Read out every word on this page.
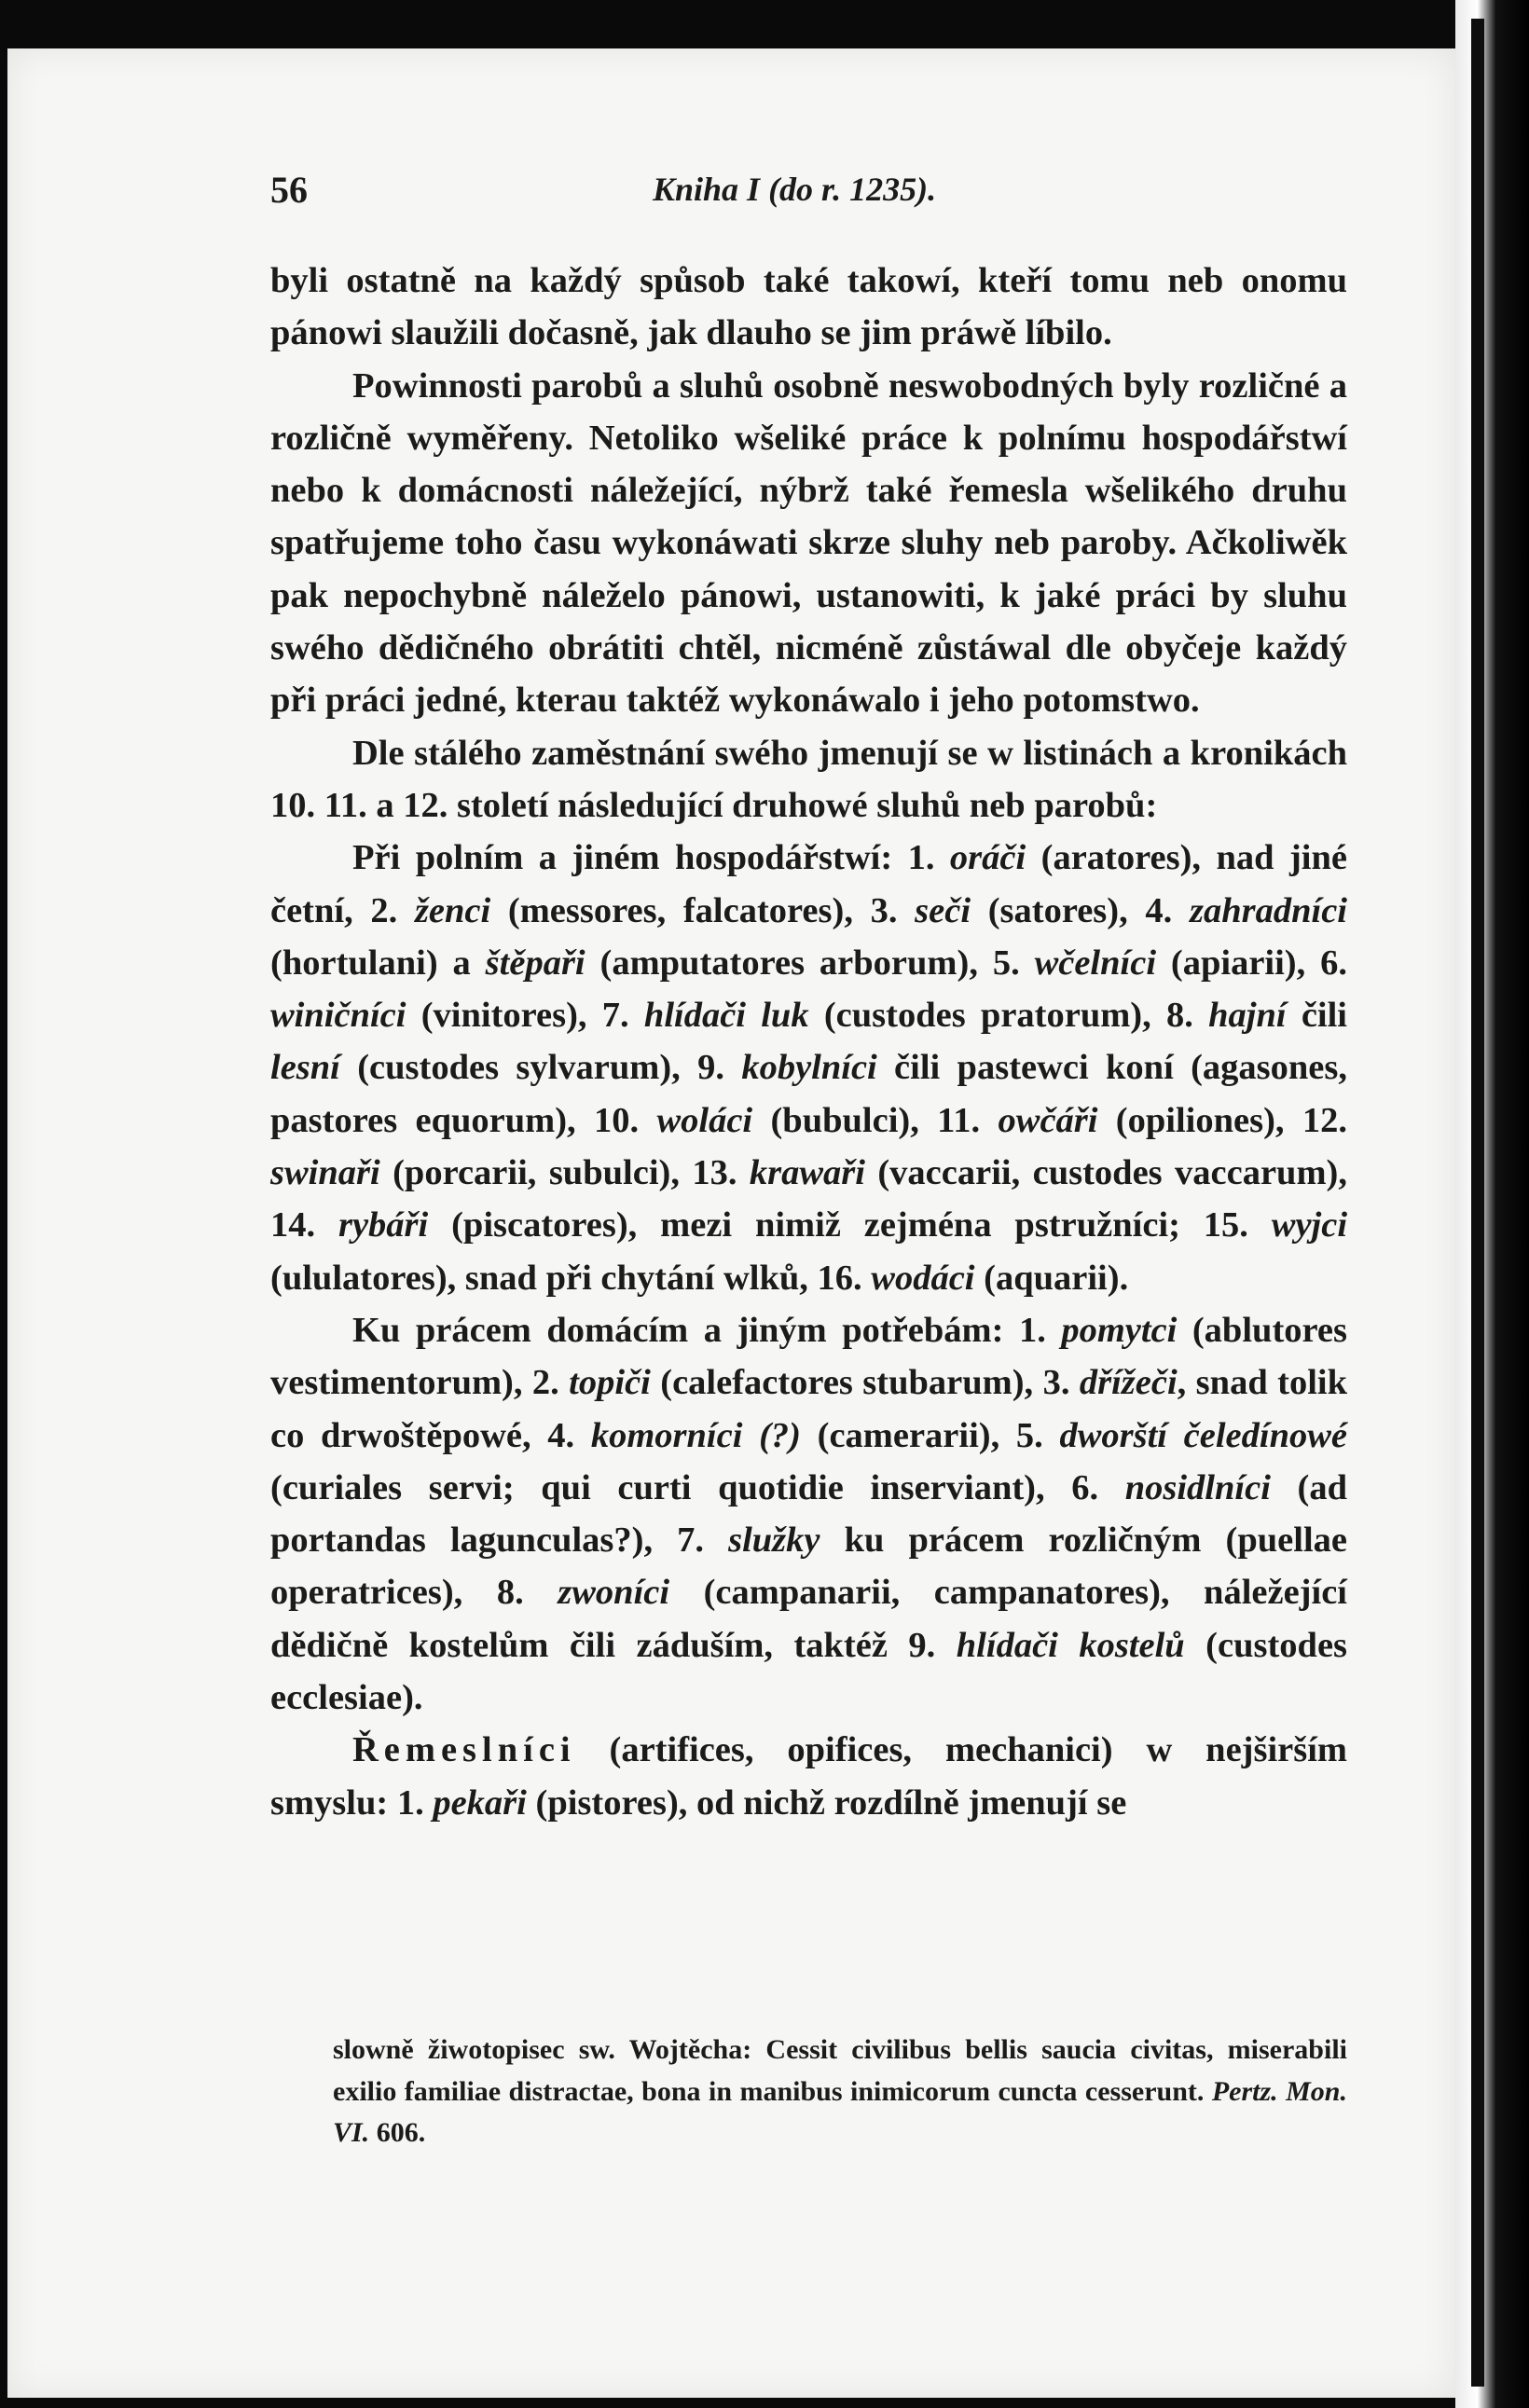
56	Kniha I (do r. 1235).

byli ostatně na každý spůsob také takowí, kteří tomu neb onomu pánowi slaužili dočasně, jak dlauho se jim práwě líbilo.

Powinnosti parobů a sluhů osobně neswobodných byly rozličné a rozličně wyměřeny. Netoliko wšeliké práce k polnímu hospodářstwí nebo k domácnosti náležející, nýbrž také řemesla wšelikého druhu spatřujeme toho času wykonáwati skrze sluhy neb paroby. Ačkoliwěk pak nepochybně náleželo pánowi, ustanowiti, k jaké práci by sluhu swého dědičného obrátiti chtěl, nicméně zůstáwal dle obyčeje každý při práci jedné, kterau taktéž wykonáwalo i jeho potomstwo.

Dle stálého zaměstnání swého jmenují se w listinách a kronikách 10. 11. a 12. století následující druhowé sluhů neb parobů:

Při polním a jiném hospodářstwí: 1. oráči (aratores), nad jiné četní, 2. ženci (messores, falcatores), 3. seči (satores), 4. zahradníci (hortulani) a štěpaři (amputatores arborum), 5. wčelníci (apiarii), 6. winičníci (vinitores), 7. hlídači luk (custodes pratorum), 8. hajní čili lesní (custodes sylvarum), 9. kobylníci čili pastewci koní (agasones, pastores equorum), 10. woláci (bubulci), 11. owčáři (opiliones), 12. swinaři (porcarii, subulci), 13. krawaři (vaccarii, custodes vaccarum), 14. rybáři (piscatores), mezi nimiž zejména pstružníci; 15. wyjci (ululatores), snad při chytání wlků, 16. wodáci (aquarii).

Ku prácem domácím a jiným potřebám: 1. pomytci (ablutores vestimentorum), 2. topiči (calefactores stubarum), 3. dřížeči, snad tolik co drwoštěpowé, 4. komorníci (?) (camerarii), 5. dworští čeledínowé (curiales servi; qui curti quotidie inserviant), 6. nosidlníci (ad portandas lagunculas?), 7. služky ku prácem rozličným (puellae operatrices), 8. zwoníci (campanarii, campanatores), náležející dědičně kostelům čili záduším, taktéž 9. hlídači kostelů (custodes ecclesiae).

Řemeslníci (artifices, opifices, mechanici) w nejširším smyslu: 1. pekaři (pistores), od nichž rozdílně jmenují se

slowně žiwotopisec sw. Wojtěcha: Cessit civilibus bellis saucia civitas, miserabili exilio familiae distractae, bona in manibus inimicorum cuncta cesserunt. Pertz. Mon. VI. 606.
